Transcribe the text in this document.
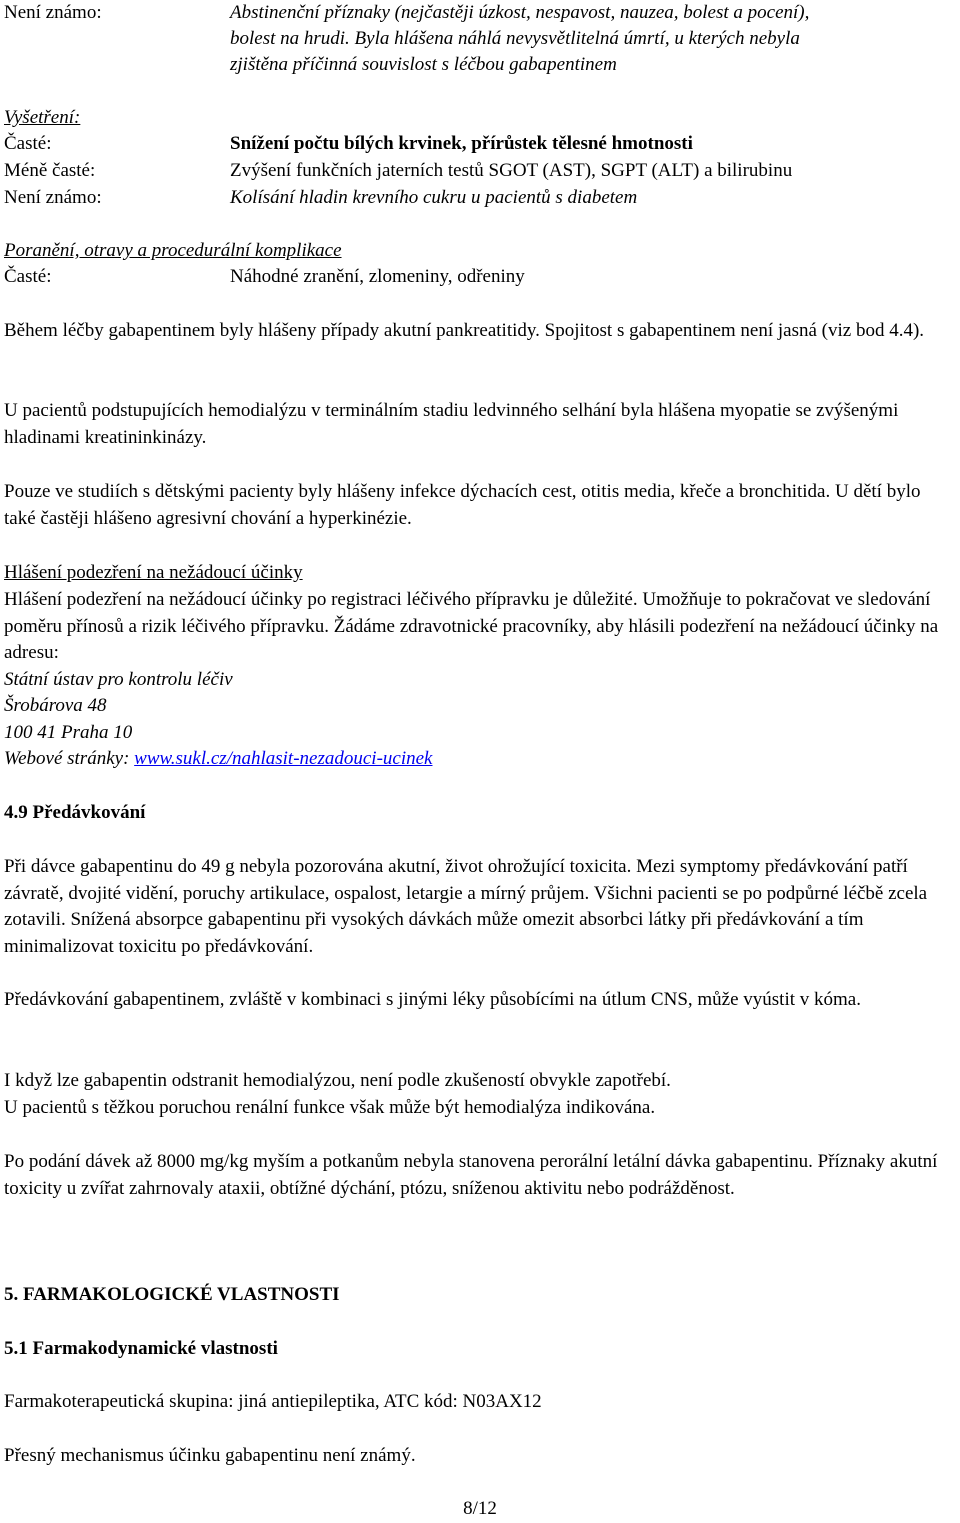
Není známo:	Abstinenční příznaky (nejčastěji úzkost, nespavost, nauzea, bolest a pocení),
bolest na hrudi. Byla hlášena náhlá nevysvětlitelná úmrtí, u kterých nebyla
zjištěna příčinná souvislost s léčbou gabapentinem
Vyšetření:
Časté:	Snížení počtu bílých krvinek, přírůstek tělesné hmotnosti
Méně časté:	Zvýšení funkčních jaterních testů SGOT (AST), SGPT (ALT) a bilirubinu
Není známo:	Kolísání hladin krevního cukru u pacientů s diabetem
Poranění, otravy a procedurální komplikace
Časté:	Náhodné zranění, zlomeniny, odřeniny
Během léčby gabapentinem byly hlášeny případy akutní pankreatitidy. Spojitost s gabapentinem není jasná (viz bod 4.4).
U pacientů podstupujících hemodialýzu v terminálním stadiu ledvinného selhání byla hlášena myopatie se zvýšenými hladinami kreatininkinázy.
Pouze ve studiích s dětskými pacienty byly hlášeny infekce dýchacích cest, otitis media, křeče a bronchitida. U dětí bylo také častěji hlášeno agresivní chování a hyperkinézie.
Hlášení podezření na nežádoucí účinky
Hlášení podezření na nežádoucí účinky po registraci léčivého přípravku je důležité. Umožňuje to pokračovat ve sledování poměru přínosů a rizik léčivého přípravku. Žádáme zdravotnické pracovníky, aby hlásili podezření na nežádoucí účinky na adresu:
Státní ústav pro kontrolu léčiv
Šrobárova 48
100 41 Praha 10
Webové stránky: www.sukl.cz/nahlasit-nezadouci-ucinek
4.9 Předávkování
Při dávce gabapentinu do 49 g nebyla pozorována akutní, život ohrožující toxicita. Mezi symptomy předávkování patří závratě, dvojité vidění, poruchy artikulace, ospalost, letargie a mírný průjem. Všichni pacienti se po podpůrné léčbě zcela zotavili. Snížená absorpce gabapentinu při vysokých dávkách může omezit absorbci látky při předávkování a tím minimalizovat toxicitu po předávkování.
Předávkování gabapentinem, zvláště v kombinaci s jinými léky působícími na útlum CNS, může vyústit v kóma.
I když lze gabapentin odstranit hemodialýzou, není podle zkušeností obvykle zapotřebí.
U pacientů s těžkou poruchou renální funkce však může být hemodialýza indikována.
Po podání dávek až 8000 mg/kg myším a potkanům nebyla stanovena perorální letální dávka gabapentinu. Příznaky akutní toxicity u zvířat zahrnovaly ataxii, obtížné dýchání, ptózu, sníženou aktivitu nebo podrážděnost.
5. FARMAKOLOGICKÉ VLASTNOSTI
5.1 Farmakodynamické vlastnosti
Farmakoterapeutická skupina: jiná antiepileptika, ATC kód: N03AX12
Přesný mechanismus účinku gabapentinu není známý.
8/12
